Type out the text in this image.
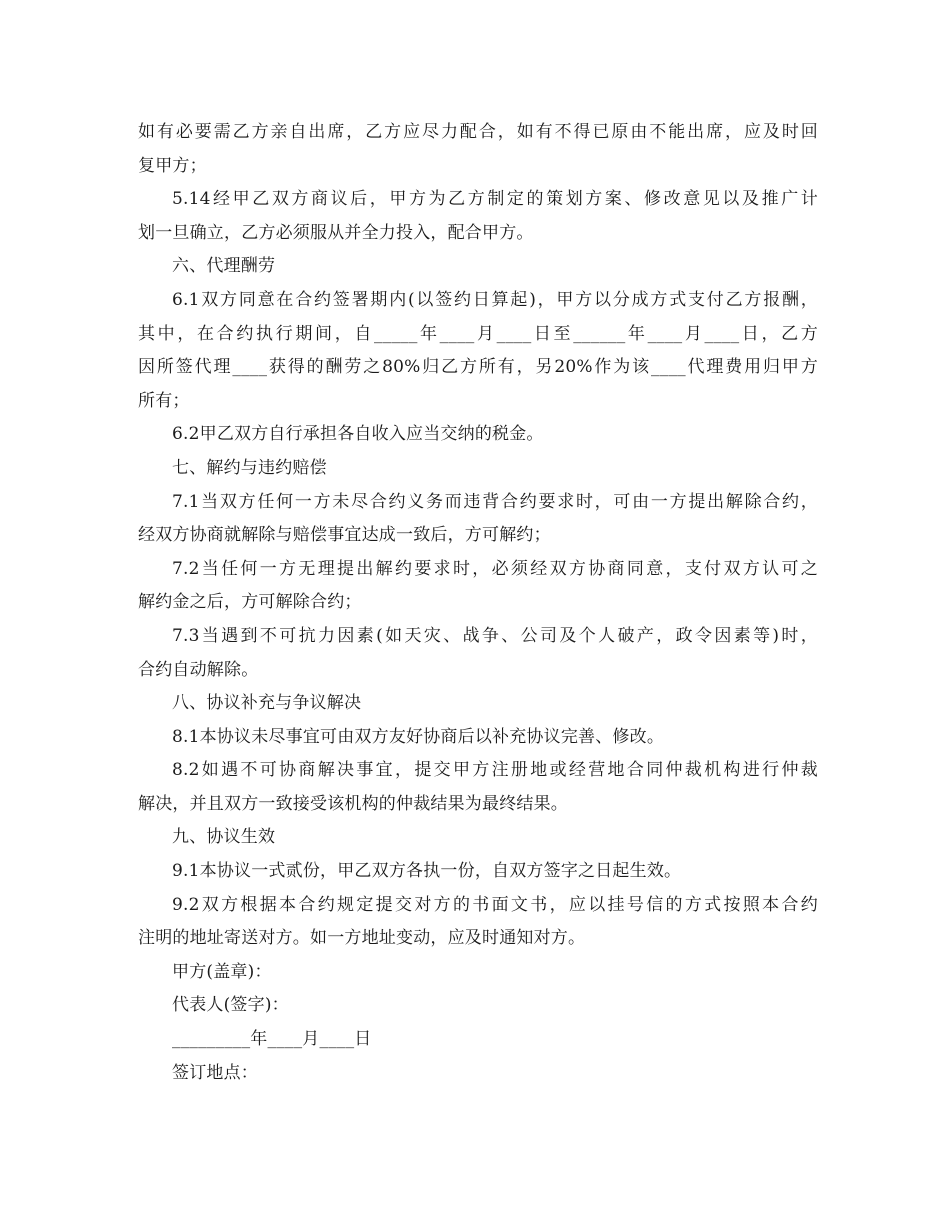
如有必要需乙方亲自出席，乙方应尽力配合，如有不得已原由不能出席，应及时回
复甲方；
5.14经甲乙双方商议后，甲方为乙方制定的策划方案、修改意见以及推广计
划一旦确立，乙方必须服从并全力投入，配合甲方。
六、代理酬劳
6.1双方同意在合约签署期内(以签约日算起)，甲方以分成方式支付乙方报酬，
其中，在合约执行期间，自_____年____月____日至______年____月____日，乙方
因所签代理____获得的酬劳之80%归乙方所有，另20%作为该____代理费用归甲方
所有；
6.2甲乙双方自行承担各自收入应当交纳的税金。
七、解约与违约赔偿
7.1当双方任何一方未尽合约义务而违背合约要求时，可由一方提出解除合约，
经双方协商就解除与赔偿事宜达成一致后，方可解约；
7.2当任何一方无理提出解约要求时，必须经双方协商同意，支付双方认可之
解约金之后，方可解除合约；
7.3当遇到不可抗力因素(如天灾、战争、公司及个人破产，政令因素等)时，
合约自动解除。
八、协议补充与争议解决
8.1本协议未尽事宜可由双方友好协商后以补充协议完善、修改。
8.2如遇不可协商解决事宜，提交甲方注册地或经营地合同仲裁机构进行仲裁
解决，并且双方一致接受该机构的仲裁结果为最终结果。
九、协议生效
9.1本协议一式贰份，甲乙双方各执一份，自双方签字之日起生效。
9.2双方根据本合约规定提交对方的书面文书，应以挂号信的方式按照本合约
注明的地址寄送对方。如一方地址变动，应及时通知对方。
甲方(盖章)：
代表人(签字)：
_________年____月____日
签订地点：
